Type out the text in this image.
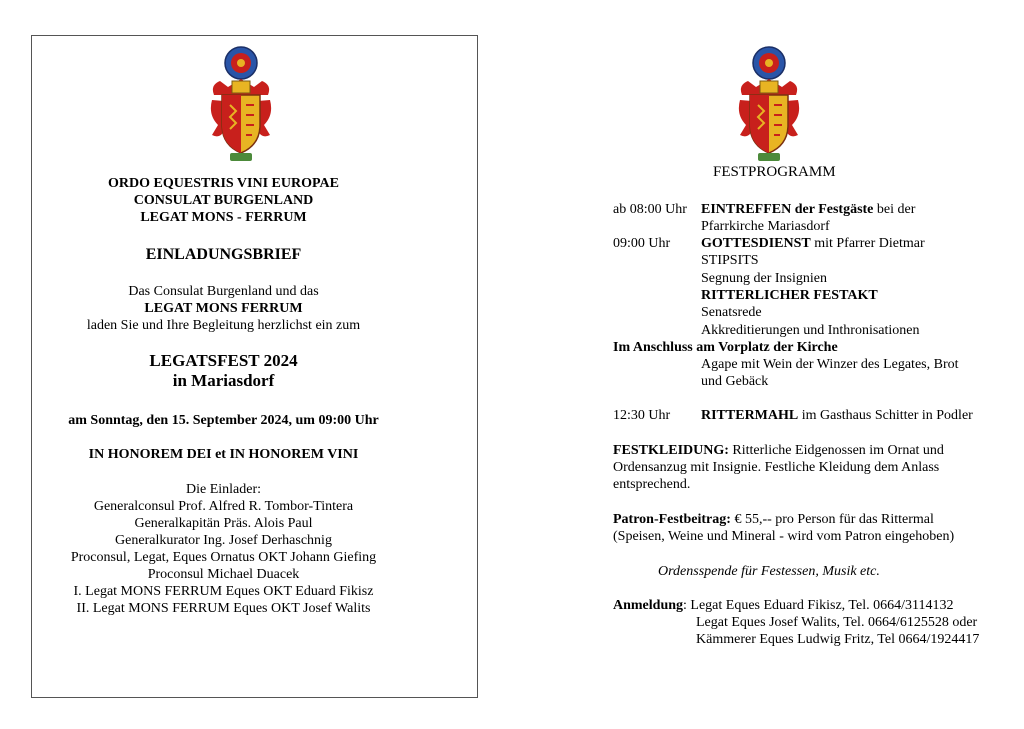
ORDO EQUESTRIS VINI EUROPAE
CONSULAT BURGENLAND
LEGAT MONS - FERRUM
EINLADUNGSBRIEF
Das Consulat Burgenland und das
LEGAT MONS FERRUM
laden Sie und Ihre Begleitung herzlichst ein zum
LEGATSFEST 2024
in Mariasdorf
am Sonntag, den 15. September 2024, um 09:00 Uhr
IN HONOREM DEI et IN HONOREM VINI
Die Einlader:
Generalconsul Prof. Alfred R. Tombor-Tintera
Generalkapitän Präs. Alois Paul
Generalkurator Ing. Josef Derhaschnig
Proconsul, Legat, Eques Ornatus OKT Johann Giefing
Proconsul Michael Duacek
I. Legat MONS FERRUM Eques OKT Eduard Fikisz
II. Legat MONS FERRUM Eques OKT Josef Walits
FESTPROGRAMM
ab 08:00 Uhr EINTREFFEN der Festgäste bei der
Pfarrkirche Mariasdorf
09:00 Uhr GOTTESDIENST mit Pfarrer Dietmar
STIPSITS
Segnung der Insignien
RITTERLICHER FESTAKT
Senatsrede
Akkreditierungen und Inthronisationen
Im Anschluss am Vorplatz der Kirche
Agape mit Wein der Winzer des Legates, Brot
und Gebäck
12:30 Uhr RITTERMAHL im Gasthaus Schitter in Podler
FESTKLEIDUNG: Ritterliche Eidgenossen im Ornat und
Ordensanzug mit Insignie. Festliche Kleidung dem Anlass
entsprechend.
Patron-Festbeitrag: € 55,-- pro Person für das Rittermal
(Speisen, Weine und Mineral - wird vom Patron eingehoben)
Ordensspende für Festessen, Musik etc.
Anmeldung: Legat Eques Eduard Fikisz, Tel. 0664/3114132
Legat Eques Josef Walits, Tel. 0664/6125528 oder
Kämmerer Eques Ludwig Fritz, Tel 0664/1924417
